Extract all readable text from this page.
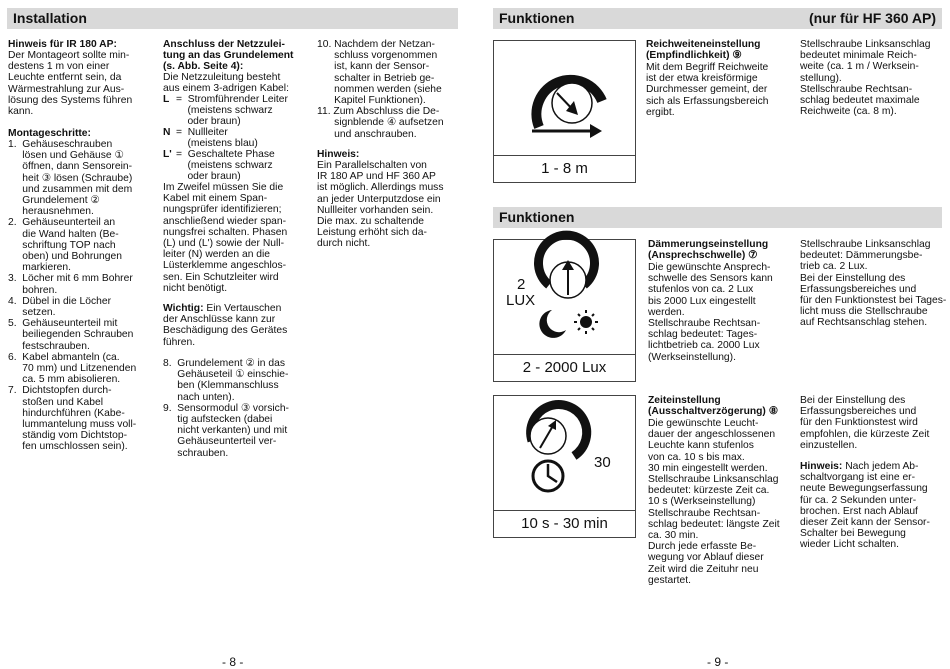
Installation
Hinweis für IR 180 AP:
Der Montageort sollte min-
destens 1 m von einer
Leuchte entfernt sein, da
Wärmestrahlung zur Aus-
lösung des Systems führen
kann.
Montageschritte:
1.  Gehäuseschrauben
lösen und Gehäuse ①
öffnen, dann Sensorein-
heit ③ lösen (Schraube)
und zusammen mit dem
Grundelement ②
herausnehmen.
2.  Gehäuseunterteil an
die Wand halten (Be-
schriftung TOP nach
oben) und Bohrungen
markieren.
3.  Löcher mit 6 mm Bohrer
bohren.
4.  Dübel in die Löcher
setzen.
5.  Gehäuseunterteil mit
beiliegenden Schrauben
festschrauben.
6.  Kabel abmanteln (ca.
70 mm) und Litzenenden
ca. 5 mm abisolieren.
7.  Dichtstopfen durch-
stoßen und Kabel
hindurchführen (Kabe-
lummantelung muss voll-
ständig vom Dichtstop-
fen umschlossen sein).
Anschluss der Netzzulei-
tung an das Grundelement
(s. Abb. Seite 4):
Die Netzzuleitung besteht
aus einem 3-adrigen Kabel:
L =  Stromführender Leiter
(meistens schwarz
oder braun)
N =  Nullleiter
(meistens blau)
L' =  Geschaltete Phase
(meistens schwarz
oder braun)
Im Zweifel müssen Sie die
Kabel mit einem Span-
nungsprüfer identifizieren;
anschließend wieder span-
nungsfrei schalten. Phasen
(L) und (L') sowie der Null-
leiter (N) werden an die
Lüsterklemme angeschlos-
sen. Ein Schutzleiter wird
nicht benötigt.
Wichtig: Ein Vertauschen
der Anschlüsse kann zur
Beschädigung des Gerätes
führen.
8.  Grundelement ② in das
Gehäuseteil ① einschie-
ben (Klemmanschluss
nach unten).
9.  Sensormodul ③ vorsich-
tig aufstecken (dabei
nicht verkanten) und mit
Gehäuseunterteil ver-
schrauben.
10. Nachdem der Netzan-
schluss vorgenommen
ist, kann der Sensor-
schalter in Betrieb ge-
nommen werden (siehe
Kapitel Funktionen).
11. Zum Abschluss die De-
signblende ④ aufsetzen
und anschrauben.
Hinweis:
Ein Parallelschalten von
IR 180 AP und HF 360 AP
ist möglich. Allerdings muss
an jeder Unterputzdose ein
Nullleiter vorhanden sein.
Die max. zu schaltende
Leistung erhöht sich da-
durch nicht.
- 8 -
Funktionen	(nur für HF 360 AP)
1 - 8 m
Reichweiteneinstellung
(Empfindlichkeit) ⑨
Mit dem Begriff Reichweite
ist der etwa kreisförmige
Durchmesser gemeint, der
sich als Erfassungsbereich
ergibt.
Stellschraube Linksanschlag
bedeutet minimale Reich-
weite (ca. 1 m / Werksein-
stellung).
Stellschraube Rechtsan-
schlag bedeutet maximale
Reichweite (ca. 8 m).
Funktionen
2
LUX
2 - 2000 Lux
Dämmerungseinstellung
(Ansprechschwelle) ⑦
Die gewünschte Ansprech-
schwelle des Sensors kann
stufenlos von ca. 2 Lux
bis 2000 Lux eingestellt
werden.
Stellschraube Rechtsan-
schlag bedeutet: Tages-
lichtbetrieb ca. 2000 Lux
(Werkseinstellung).
Stellschraube Linksanschlag
bedeutet: Dämmerungsbe-
trieb ca. 2 Lux.
Bei der Einstellung des
Erfassungsbereiches und
für den Funktionstest bei Tages-
licht muss die Stellschraube
auf Rechtsanschlag stehen.
30
10 s - 30 min
Zeiteinstellung
(Ausschaltverzögerung) ⑧
Die gewünschte Leucht-
dauer der angeschlossenen
Leuchte kann stufenlos
von ca. 10 s bis max.
30 min eingestellt werden.
Stellschraube Linksanschlag
bedeutet: kürzeste Zeit ca.
10 s (Werkseinstellung)
Stellschraube Rechtsan-
schlag bedeutet: längste Zeit
ca. 30 min.
Durch jede erfasste Be-
wegung vor Ablauf dieser
Zeit wird die Zeituhr neu
gestartet.
Bei der Einstellung des
Erfassungsbereiches und
für den Funktionstest wird
empfohlen, die kürzeste Zeit
einzustellen.
Hinweis: Nach jedem Ab-
schaltvorgang ist eine er-
neute Bewegungserfassung
für ca. 2 Sekunden unter-
brochen. Erst nach Ablauf
dieser Zeit kann der Sensor-
Schalter bei Bewegung
wieder Licht schalten.
- 9 -
